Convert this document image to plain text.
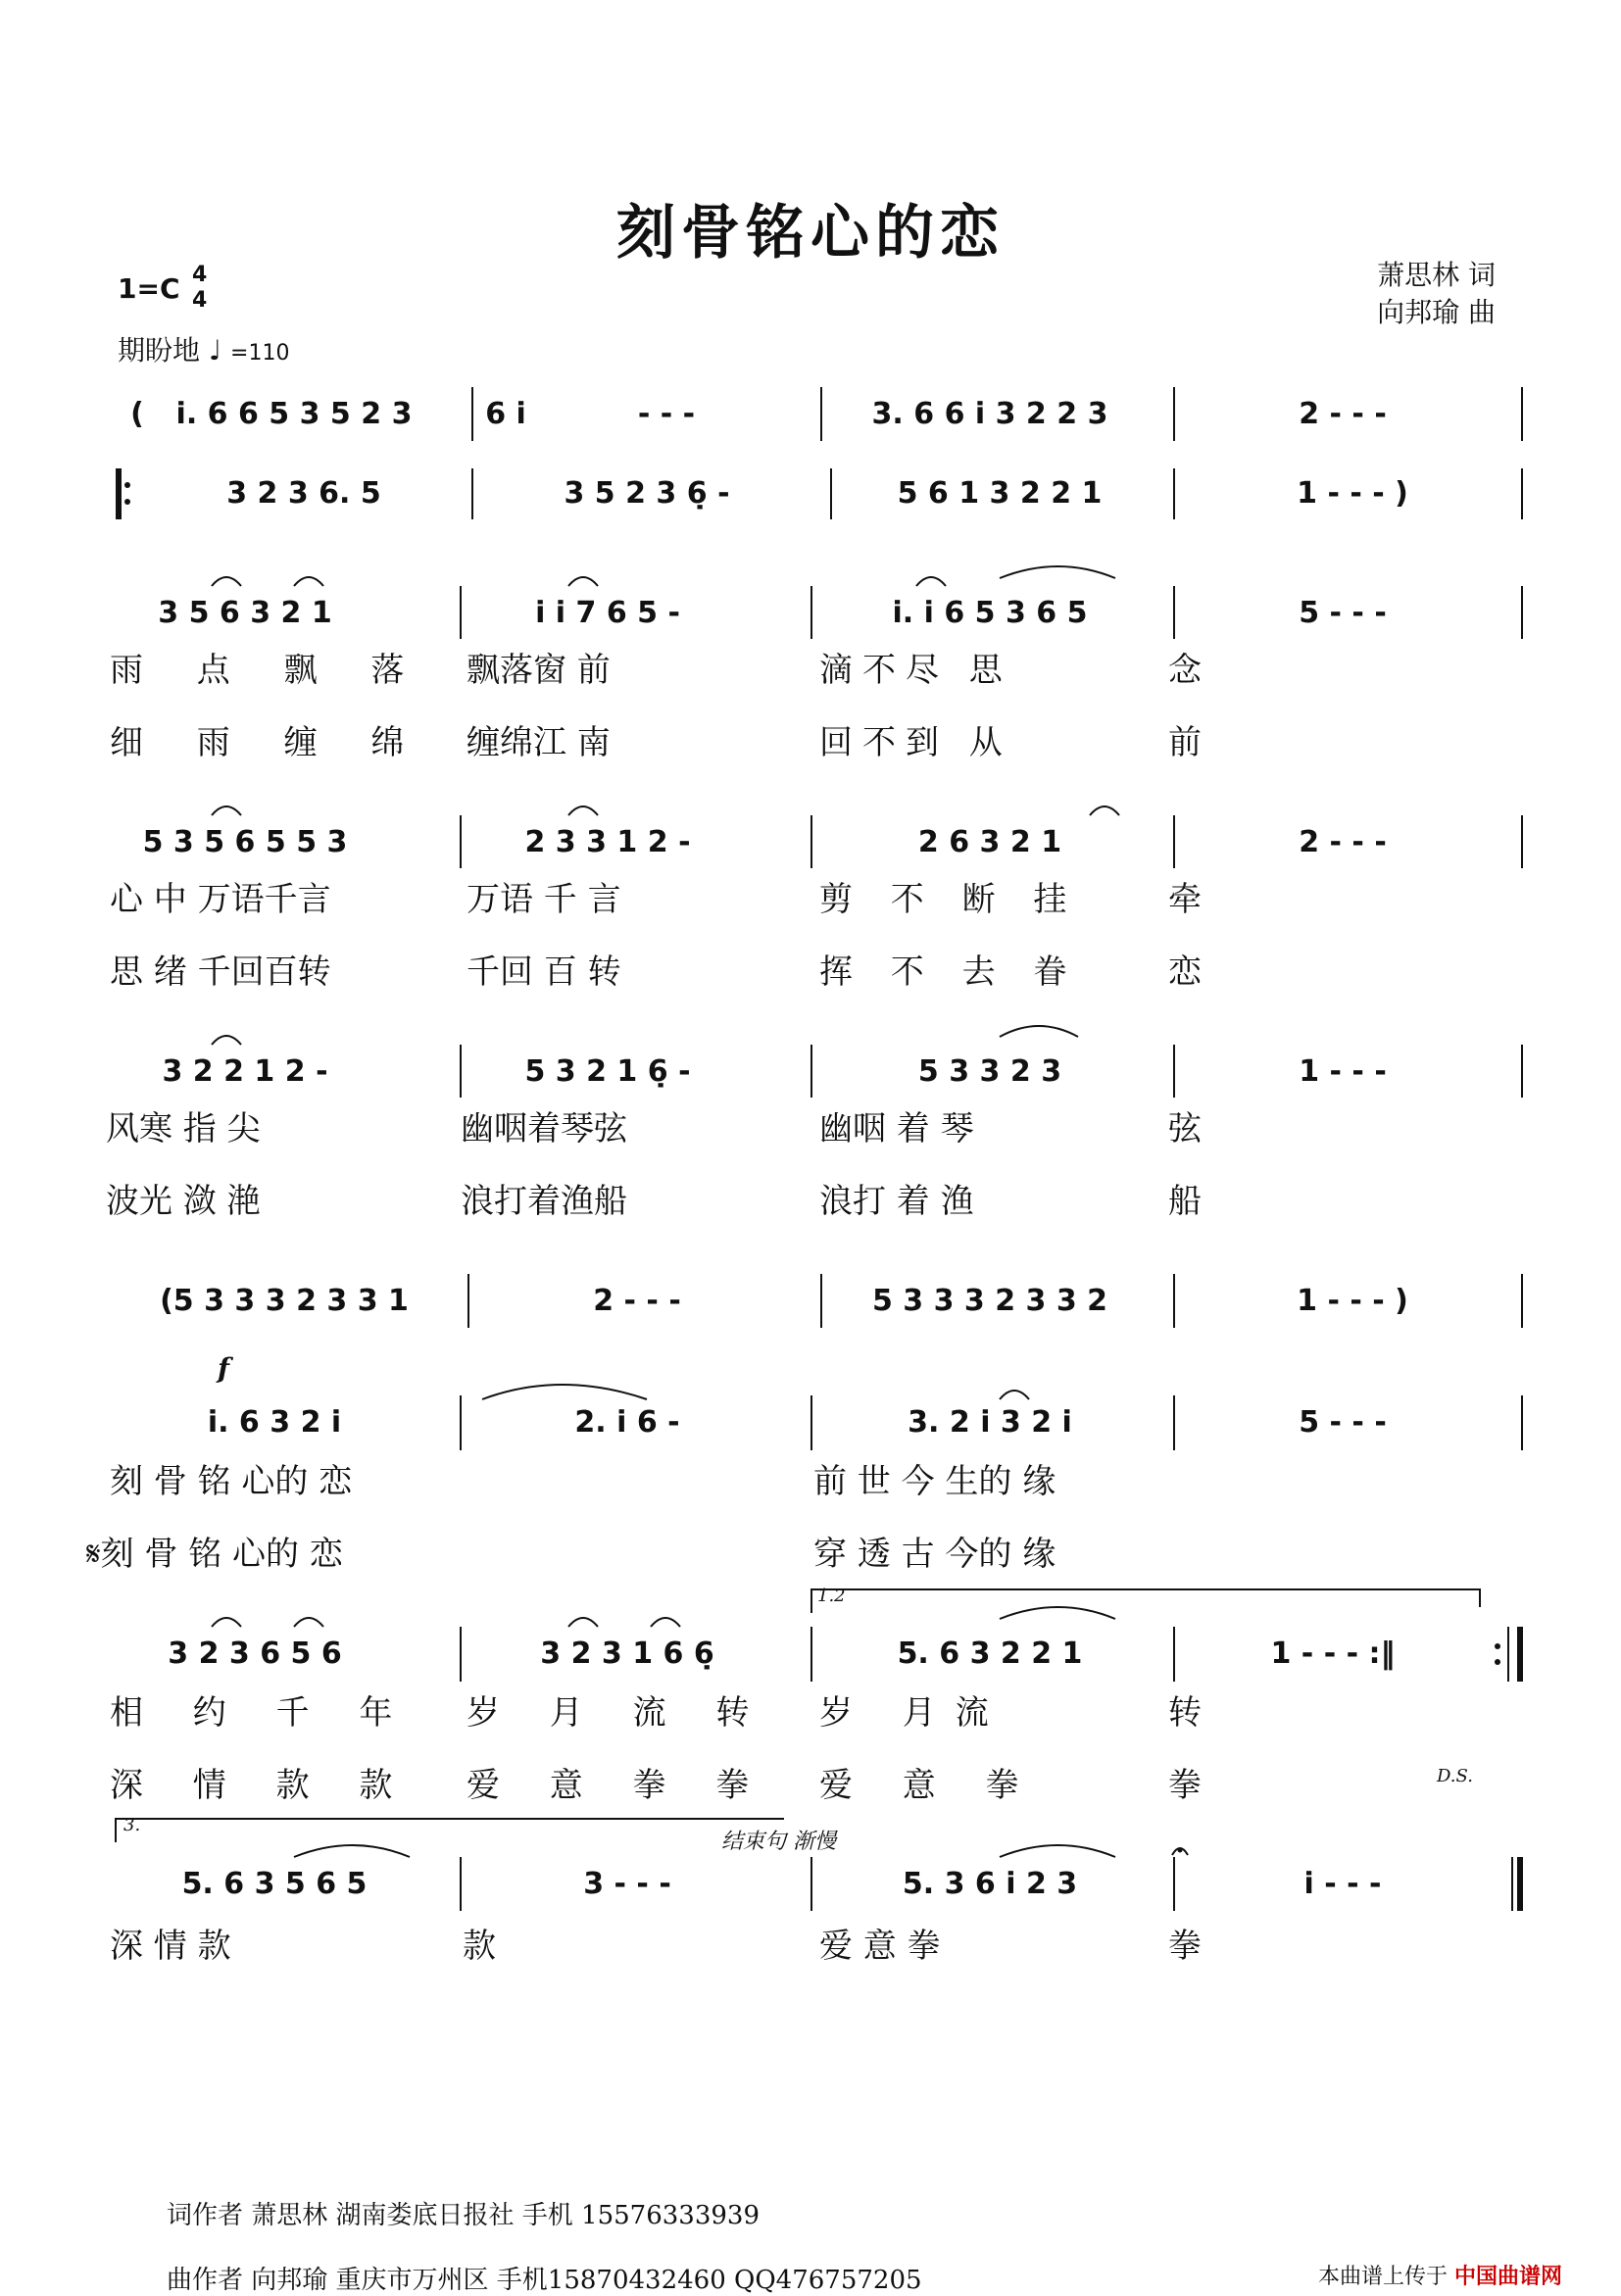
刻骨铭心的恋
1=C 4
4
期盼地 ♩ =110
萧思林 词
向邦瑜 曲
f
1.2
3.
结束句 渐慢
D.S.
( i̇. 6 6 5 3 5 2 3 6 i̇	- - -	3. 6 6 i̇ 3 2 2 3	2 - - -
3 2 3 6. 5	3 5 2 3 6̣ -	5 6 1 3 2 2 1	1 - - - )
3 5 6 3 2 1	i̇ i̇ 7 6 5 -	i̇. i̇ 6 5 3 6 5	5 - - -
雨 点 飘 落 飘落窗 前	滴不尽 思	念
细 雨 缠 绵 缠绵江 南	回不到 从	前
5 3 5 6 5 5 3	2 3 3 1 2 -	2 6 3 2 1	2 - - -
心 中 万语千言	万语 千 言	剪 不 断 挂	牵
思 绪 千回百转	千回 百 转	挥 不 去 眷	恋
3 2 2 1 2 -	5 3 2 1 6̣ -	5 3 3 2 3	1 - - -
风寒 指 尖	幽咽着琴弦	幽咽 着 琴	弦
波光 潋 滟	浪打着渔船	浪打 着 渔	船
(5 3 3 3 2 3 3 1	2 - - -	5 3 3 3 2 3 3 2	1 - - - )
i̇. 6 3 2 i̇	2. i̇ 6 -	3. 2 i̇ 3 2 i̇	5 - - -
刻 骨 铭 心的 恋	前 世 今 生的 缘
𝄋刻 骨 铭 心的 恋	穿 透 古 今的 缘
3 2 3 6 5 6	3 2 3 1 6 6̣	5. 6 3 2 2 1	1 - - - :‖
相 约 千 年 岁 月 流 转 岁 月流	转
深 情 款 款 爱 意 拳 拳 爱 意 拳	拳
5. 6 3 5 6 5	3 - - -	5. 3 6 i̇ 2 3	i̇ - - -
深 情 款	款	爱 意 拳	拳
词作者 萧思林 湖南娄底日报社 手机 15576333939
曲作者 向邦瑜 重庆市万州区 手机15870432460 QQ476757205	本曲谱上传于 中国曲谱网
